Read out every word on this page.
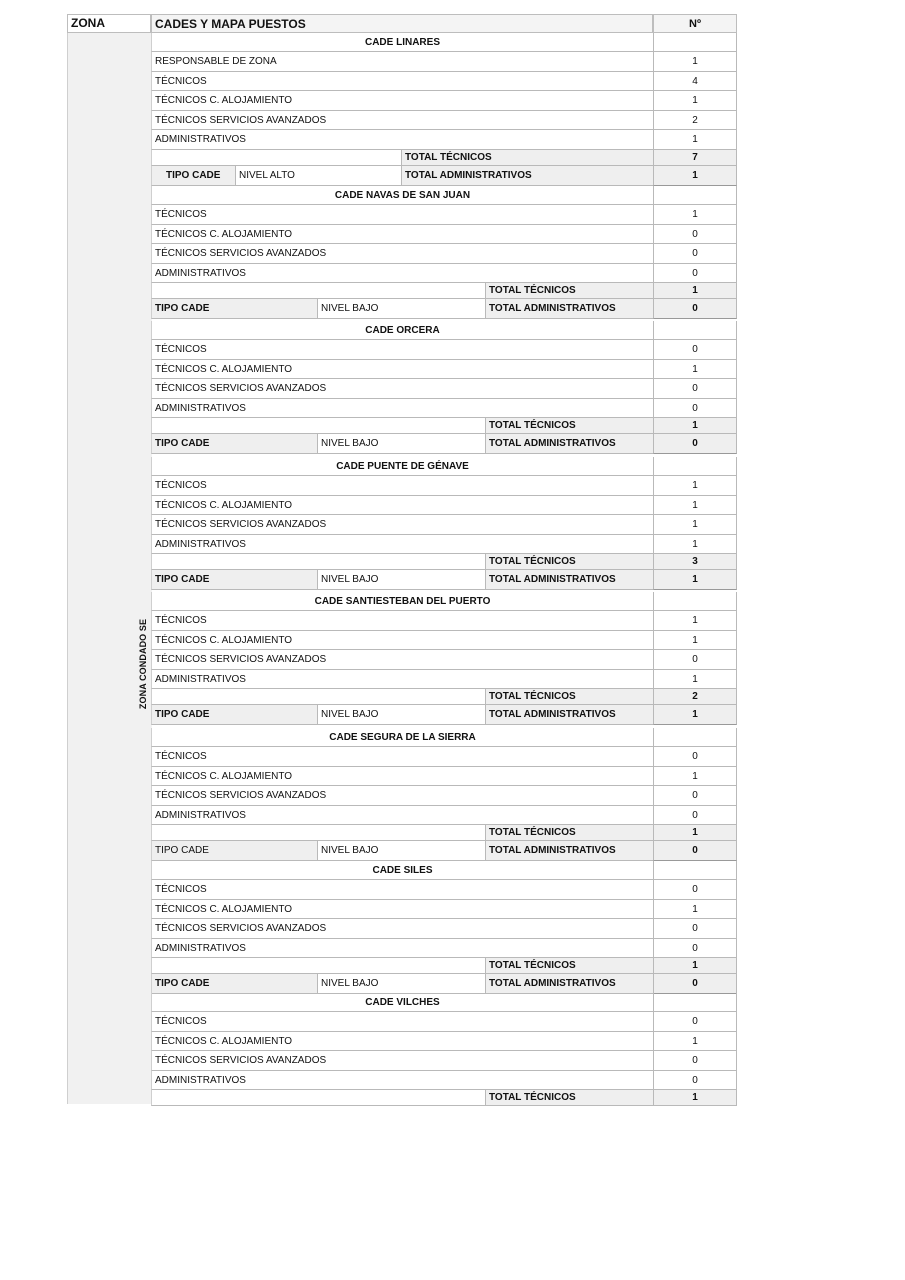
ZONA
ZONA CONDADO SE
CADES Y MAPA PUESTOS	Nº
CADE LINARES
RESPONSABLE DE ZONA	1
TÉCNICOS	4
TÉCNICOS C. ALOJAMIENTO	1
TÉCNICOS SERVICIOS AVANZADOS	2
ADMINISTRATIVOS	1
TOTAL TÉCNICOS	7
TIPO CADE	NIVEL ALTO	TOTAL ADMINISTRATIVOS	1
CADE NAVAS DE SAN JUAN
TÉCNICOS	1
TÉCNICOS C. ALOJAMIENTO	0
TÉCNICOS SERVICIOS AVANZADOS	0
ADMINISTRATIVOS	0
TOTAL TÉCNICOS	1
TIPO CADE	NIVEL BAJO	TOTAL ADMINISTRATIVOS	0
CADE ORCERA
TÉCNICOS	0
TÉCNICOS C. ALOJAMIENTO	1
TÉCNICOS SERVICIOS AVANZADOS	0
ADMINISTRATIVOS	0
TOTAL TÉCNICOS	1
TIPO CADE	NIVEL BAJO	TOTAL ADMINISTRATIVOS	0
CADE PUENTE DE GÉNAVE
TÉCNICOS	1
TÉCNICOS C. ALOJAMIENTO	1
TÉCNICOS SERVICIOS AVANZADOS	1
ADMINISTRATIVOS	1
TOTAL TÉCNICOS	3
TIPO CADE	NIVEL BAJO	TOTAL ADMINISTRATIVOS	1
CADE SANTIESTEBAN DEL PUERTO
TÉCNICOS	1
TÉCNICOS C. ALOJAMIENTO	1
TÉCNICOS SERVICIOS AVANZADOS	0
ADMINISTRATIVOS	1
TOTAL TÉCNICOS	2
TIPO CADE	NIVEL BAJO	TOTAL ADMINISTRATIVOS	1
CADE SEGURA DE LA SIERRA
TÉCNICOS	0
TÉCNICOS C. ALOJAMIENTO	1
TÉCNICOS SERVICIOS AVANZADOS	0
ADMINISTRATIVOS	0
TOTAL TÉCNICOS	1
TIPO CADE	NIVEL BAJO	TOTAL ADMINISTRATIVOS	0
CADE SILES
TÉCNICOS	0
TÉCNICOS C. ALOJAMIENTO	1
TÉCNICOS SERVICIOS AVANZADOS	0
ADMINISTRATIVOS	0
TOTAL TÉCNICOS	1
TIPO CADE	NIVEL BAJO	TOTAL ADMINISTRATIVOS	0
CADE VILCHES
TÉCNICOS	0
TÉCNICOS C. ALOJAMIENTO	1
TÉCNICOS SERVICIOS AVANZADOS	0
ADMINISTRATIVOS	0
TOTAL TÉCNICOS	1
